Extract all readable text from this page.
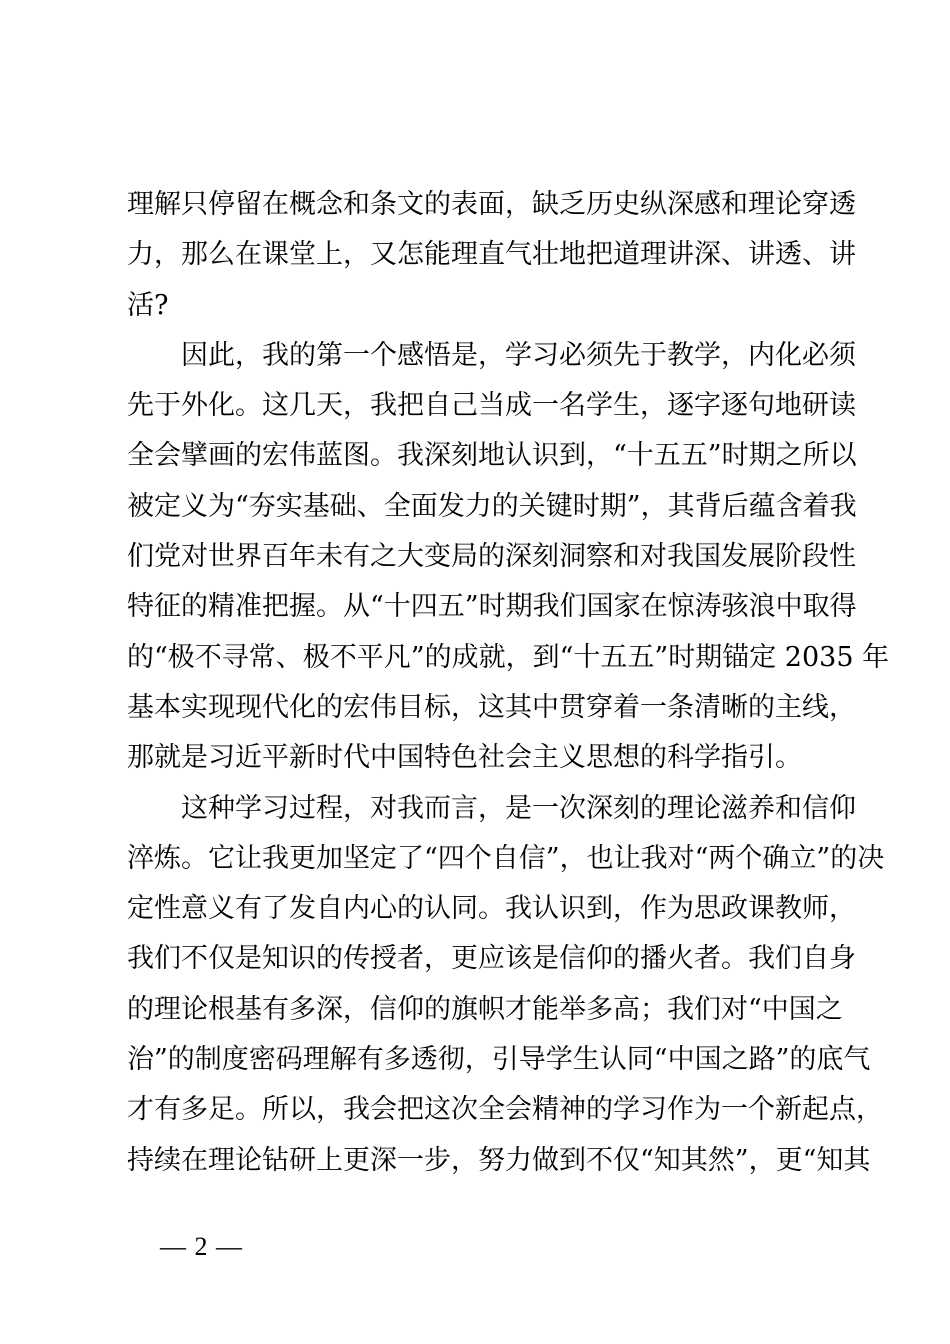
理解只停留在概念和条文的表面，缺乏历史纵深感和理论穿透
力，那么在课堂上，又怎能理直气壮地把道理讲深、讲透、讲
活?
因此，我的第一个感悟是，学习必须先于教学，内化必须
先于外化。这几天，我把自己当成一名学生，逐字逐句地研读
全会擘画的宏伟蓝图。我深刻地认识到，“十五五”时期之所以
被定义为“夯实基础、全面发力的关键时期”，其背后蕴含着我
们党对世界百年未有之大变局的深刻洞察和对我国发展阶段性
特征的精准把握。从“十四五”时期我们国家在惊涛骇浪中取得
的“极不寻常、极不平凡”的成就，到“十五五”时期锚定 2035 年
基本实现现代化的宏伟目标，这其中贯穿着一条清晰的主线，
那就是习近平新时代中国特色社会主义思想的科学指引。
这种学习过程，对我而言，是一次深刻的理论滋养和信仰
淬炼。它让我更加坚定了“四个自信”，也让我对“两个确立”的决
定性意义有了发自内心的认同。我认识到，作为思政课教师，
我们不仅是知识的传授者，更应该是信仰的播火者。我们自身
的理论根基有多深，信仰的旗帜才能举多高；我们对“中国之
治”的制度密码理解有多透彻，引导学生认同“中国之路”的底气
才有多足。所以，我会把这次全会精神的学习作为一个新起点，
持续在理论钻研上更深一步，努力做到不仅“知其然”，更“知其
— 2 —
